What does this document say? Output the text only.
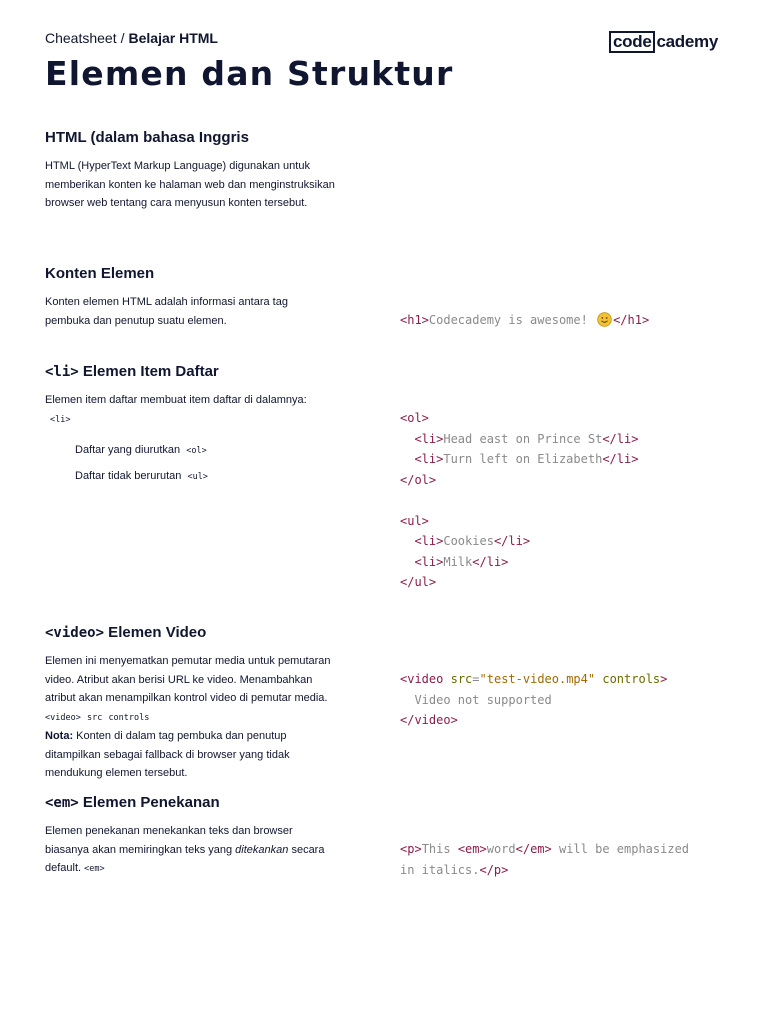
Cheatsheet / Belajar HTML	code cademy
Elemen dan Struktur
HTML (dalam bahasa Inggris
HTML (HyperText Markup Language) digunakan untuk memberikan konten ke halaman web dan menginstruksikan browser web tentang cara menyusun konten tersebut.
Konten Elemen
Konten elemen HTML adalah informasi antara tag pembuka dan penutup suatu elemen.	<h1>Codecademy is awesome! </h1>
<li> Elemen Item Daftar
Elemen item daftar membuat item daftar di dalamnya:
<li>
Daftar yang diurutkan <ol>
Daftar tidak berurutan <ul>
<ol>
<li>Head east on Prince St</li>
<li>Turn left on Elizabeth</li>
</ol>

<ul>
<li>Cookies</li>
<li>Milk</li>
</ul>
<video> Elemen Video
Elemen ini menyematkan pemutar media untuk pemutaran video. Atribut akan berisi URL ke video. Menambahkan atribut akan menampilkan kontrol video di pemutar media. <video> src controls
Nota: Konten di dalam tag pembuka dan penutup ditampilkan sebagai fallback di browser yang tidak mendukung elemen tersebut.
<video src="test-video.mp4" controls>
Video not supported
</video>
<em> Elemen Penekanan
Elemen penekanan menekankan teks dan browser biasanya akan memiringkan teks yang ditekankan secara default. <em>
<p>This <em>word</em> will be emphasized
in italics.</p>
